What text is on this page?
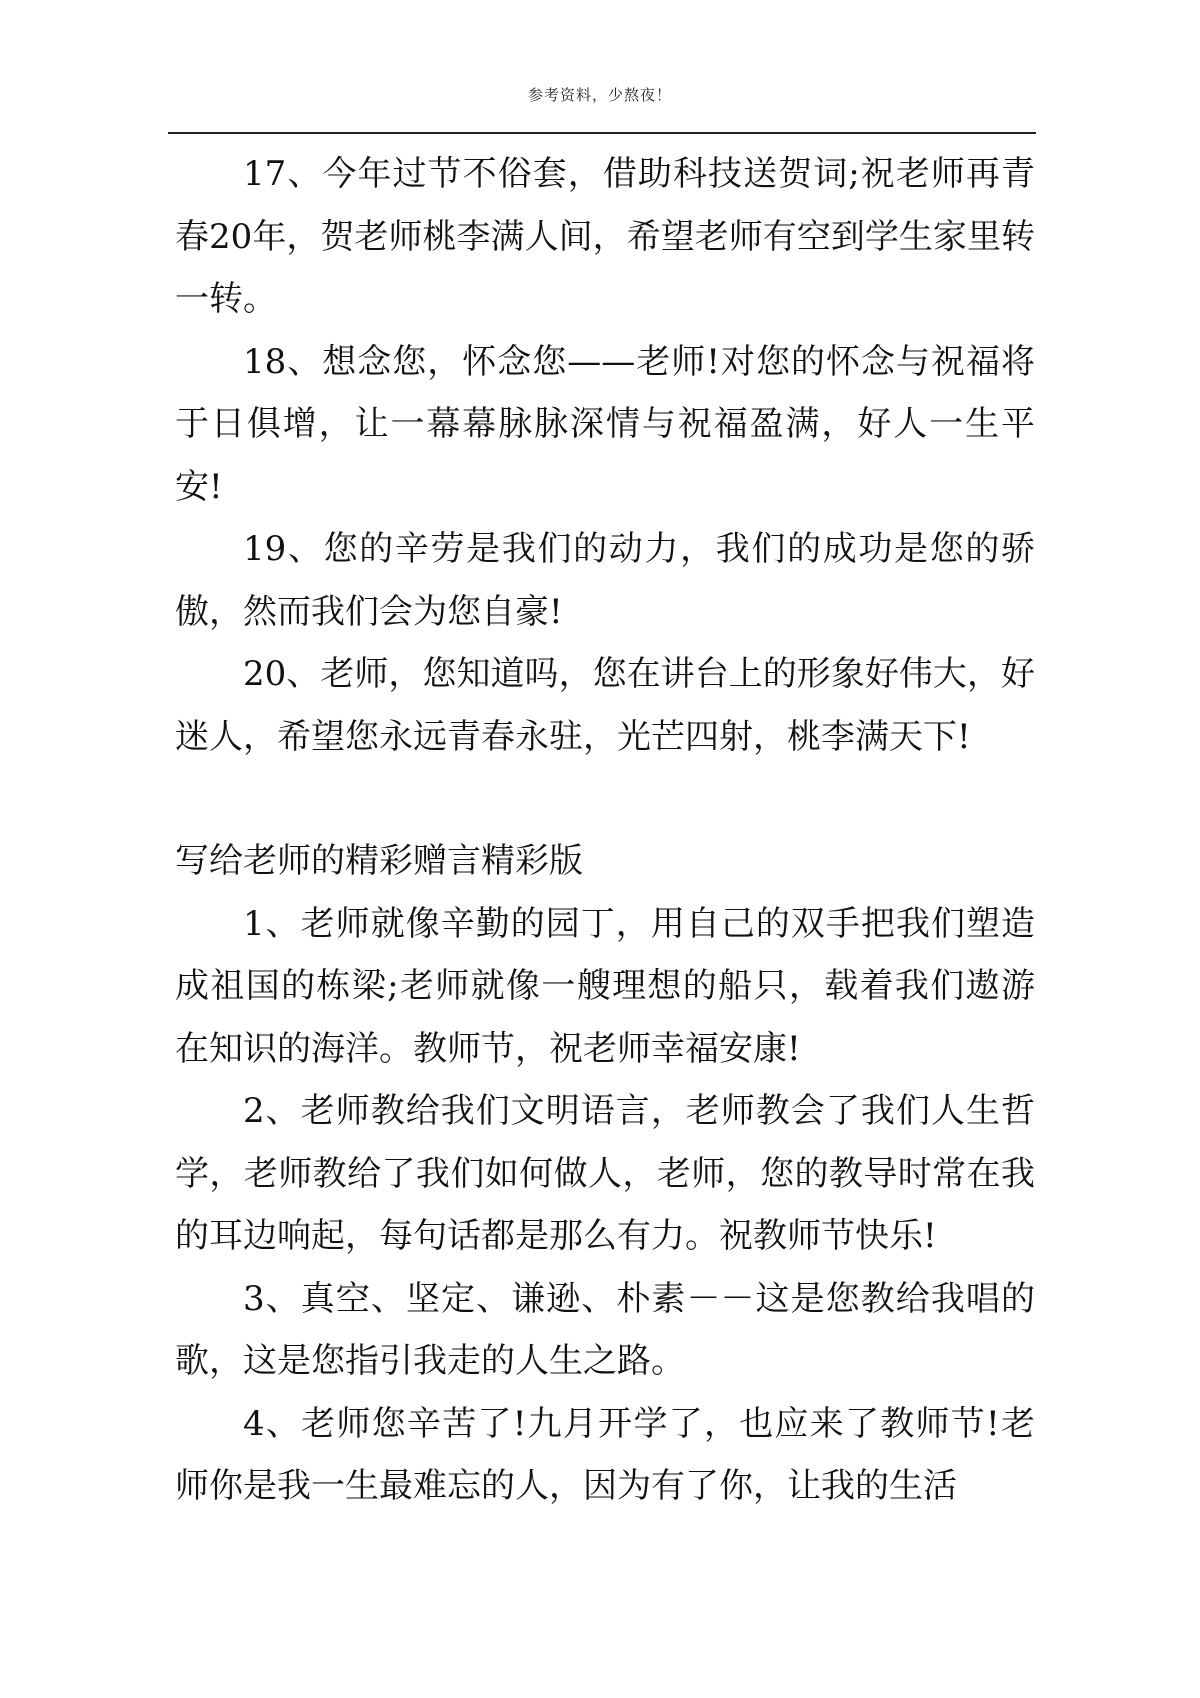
参考资料，少熬夜！

17、今年过节不俗套，借助科技送贺词;祝老师再青春20年，贺老师桃李满人间，希望老师有空到学生家里转一转。

18、想念您，怀念您——老师!对您的怀念与祝福将于日俱增，让一幕幕脉脉深情与祝福盈满，好人一生平安!

19、您的辛劳是我们的动力，我们的成功是您的骄傲，然而我们会为您自豪!

20、老师，您知道吗，您在讲台上的形象好伟大，好迷人，希望您永远青春永驻，光芒四射，桃李满天下!

写给老师的精彩赠言精彩版

1、老师就像辛勤的园丁，用自己的双手把我们塑造成祖国的栋梁;老师就像一艘理想的船只，载着我们遨游在知识的海洋。教师节，祝老师幸福安康!

2、老师教给我们文明语言，老师教会了我们人生哲学，老师教给了我们如何做人，老师，您的教导时常在我的耳边响起，每句话都是那么有力。祝教师节快乐!

3、真空、坚定、谦逊、朴素－－这是您教给我唱的歌，这是您指引我走的人生之路。

4、老师您辛苦了!九月开学了，也应来了教师节!老师你是我一生最难忘的人，因为有了你，让我的生活
